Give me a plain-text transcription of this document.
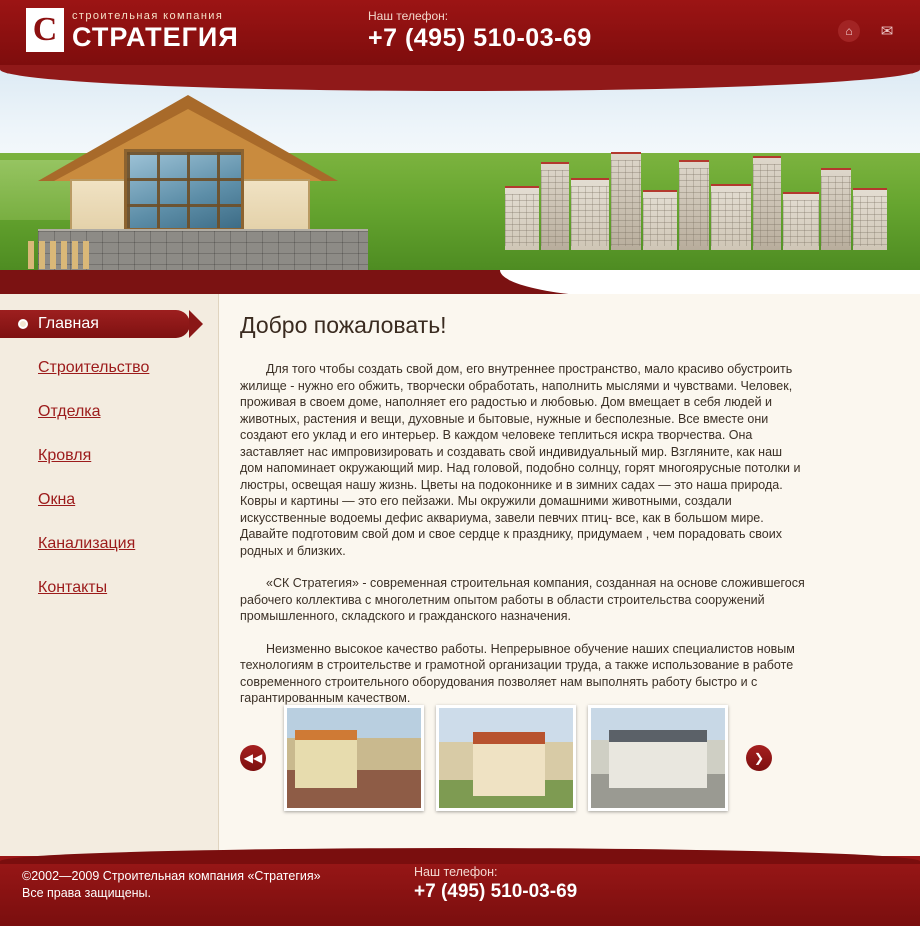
C	строительная компания
СТРАТЕГИЯ
Наш телефон:
+7 (495) 510-03-69	⌂	✉
Главная
Строительство
Отделка
Кровля
Окна
Канализация
Контакты
Добро пожаловать!

Для того чтобы создать свой дом, его внутреннее пространство, мало красиво обустроить жилище - нужно его обжить, творчески обработать, наполнить мыслями и чувствами. Человек, проживая в своем доме, наполняет его радостью и любовью. Дом вмещает в себя людей и животных, растения и вещи, духовные и бытовые, нужные и бесполезные. Все вместе они создают его уклад и его интерьер. В каждом человеке теплиться искра творчества. Она заставляет нас импровизировать и создавать свой индивидуальный мир. Взгляните, как наш дом напоминает окружающий мир. Над головой, подобно солнцу, горят многоярусные потолки и люстры, освещая нашу жизнь. Цветы на подоконнике и в зимних садах — это наша природа. Ковры и картины — это его пейзажи. Мы окружили домашними животными, создали искусственные водоемы дефис аквариума, завели певчих птиц- все, как в большом мире. Давайте подготовим свой дом и свое сердце к празднику, придумаем , чем порадовать своих родных и близких.

«СК Стратегия» - современная строительная компания, созданная на основе сложившегося рабочего коллектива с многолетним опытом работы в области строительства сооружений промышленного, складского и гражданского назначения.

Неизменно высокое качество работы. Непрерывное обучение наших специалистов новым технологиям в строительстве и грамотной организации труда, а также использование в работе современного строительного оборудования позволяет нам выполнять работу быстро и с гарантированным качеством.

◀◀	❯
©2002—2009 Строительная компания «Стратегия»
Все права защищены.
Наш телефон:
+7 (495) 510-03-69
